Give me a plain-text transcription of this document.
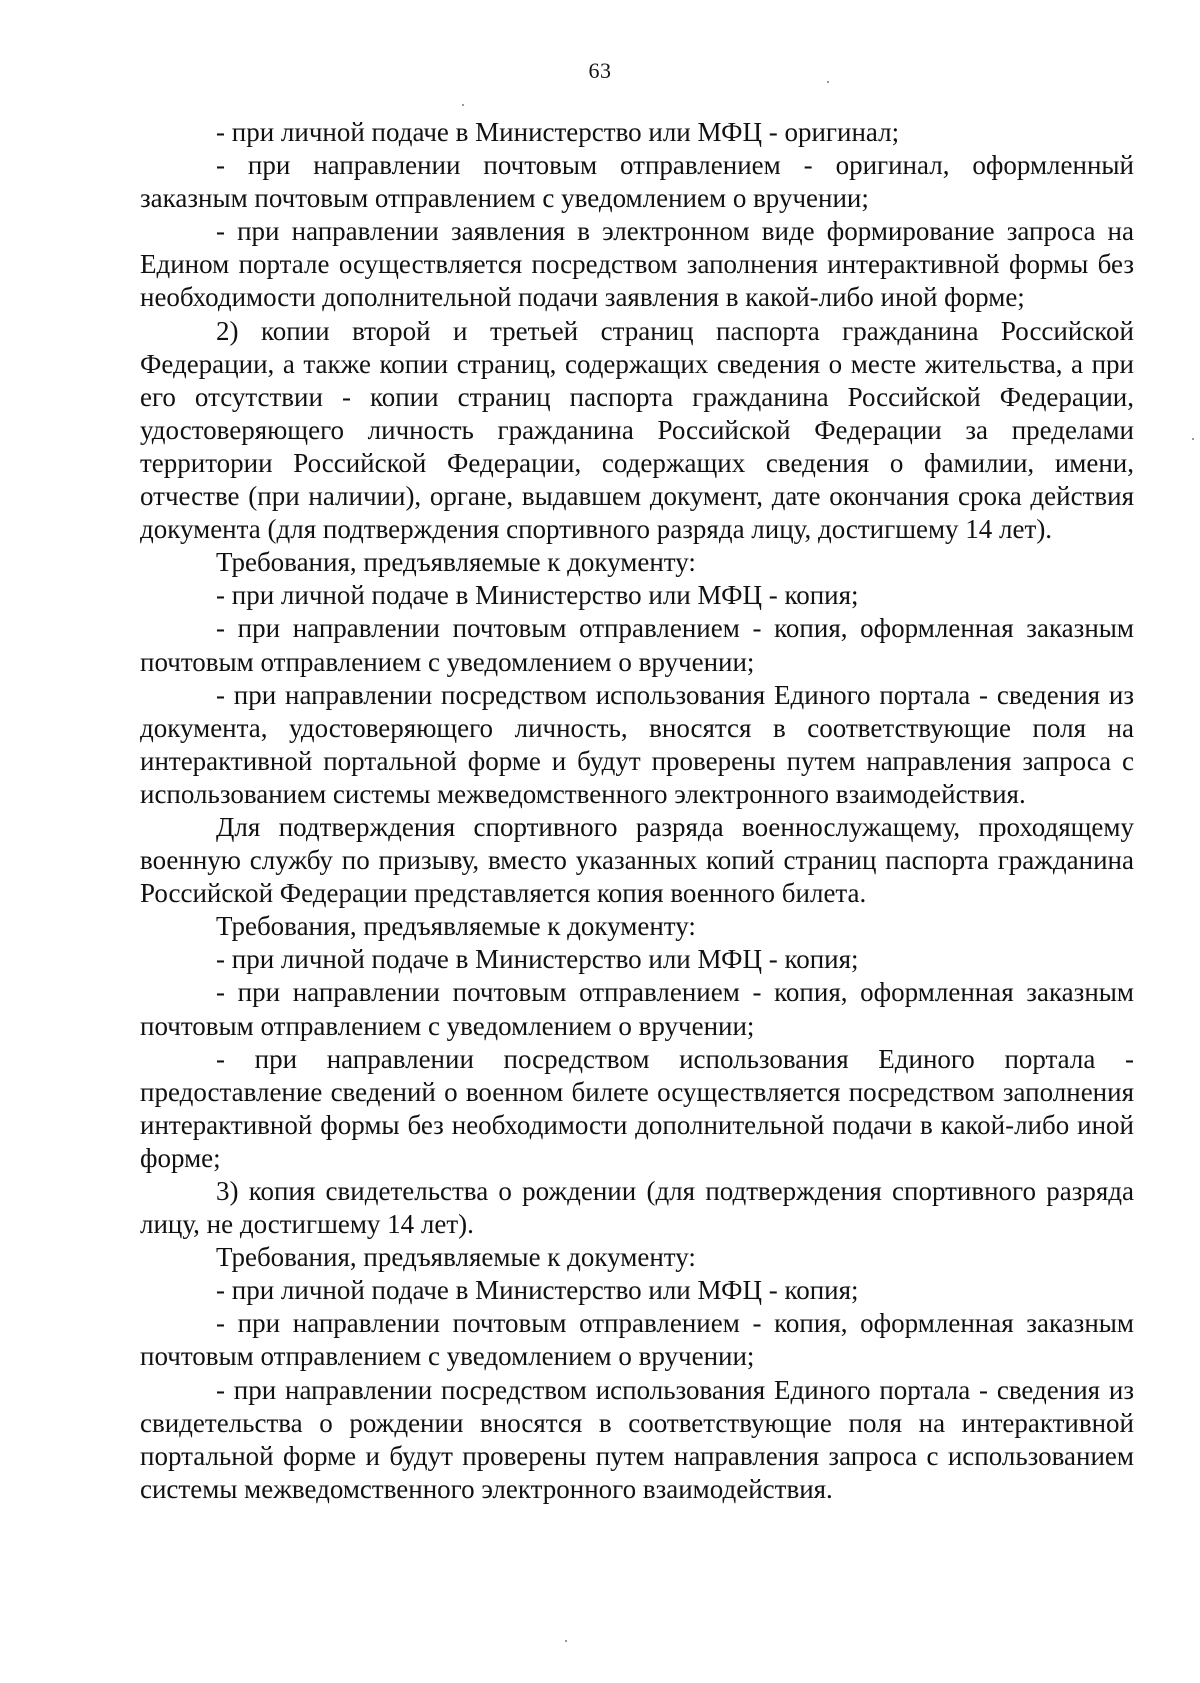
63

- при личной подаче в Министерство или МФЦ - оригинал;

- при направлении почтовым отправлением - оригинал, оформленный заказным почтовым отправлением с уведомлением о вручении;

- при направлении заявления в электронном виде формирование запроса на Едином портале осуществляется посредством заполнения интерактивной формы без необходимости дополнительной подачи заявления в какой-либо иной форме;

2) копии второй и третьей страниц паспорта гражданина Российской Федерации, а также копии страниц, содержащих сведения о месте жительства, а при его отсутствии - копии страниц паспорта гражданина Российской Федерации, удостоверяющего личность гражданина Российской Федерации за пределами территории Российской Федерации, содержащих сведения о фамилии, имени, отчестве (при наличии), органе, выдавшем документ, дате окончания срока действия документа (для подтверждения спортивного разряда лицу, достигшему 14 лет).

Требования, предъявляемые к документу:

- при личной подаче в Министерство или МФЦ - копия;

- при направлении почтовым отправлением - копия, оформленная заказным почтовым отправлением с уведомлением о вручении;

- при направлении посредством использования Единого портала - сведения из документа, удостоверяющего личность, вносятся в соответствующие поля на интерактивной портальной форме и будут проверены путем направления запроса с использованием системы межведомственного электронного взаимодействия.

Для подтверждения спортивного разряда военнослужащему, проходящему военную службу по призыву, вместо указанных копий страниц паспорта гражданина Российской Федерации представляется копия военного билета.

Требования, предъявляемые к документу:

- при личной подаче в Министерство или МФЦ - копия;

- при направлении почтовым отправлением - копия, оформленная заказным почтовым отправлением с уведомлением о вручении;

- при направлении посредством использования Единого портала - предоставление сведений о военном билете осуществляется посредством заполнения интерактивной формы без необходимости дополнительной подачи в какой-либо иной форме;

3) копия свидетельства о рождении (для подтверждения спортивного разряда лицу, не достигшему 14 лет).

Требования, предъявляемые к документу:

- при личной подаче в Министерство или МФЦ - копия;

- при направлении почтовым отправлением - копия, оформленная заказным почтовым отправлением с уведомлением о вручении;

- при направлении посредством использования Единого портала - сведения из свидетельства о рождении вносятся в соответствующие поля на интерактивной портальной форме и будут проверены путем направления запроса с использованием системы межведомственного электронного взаимодействия.
